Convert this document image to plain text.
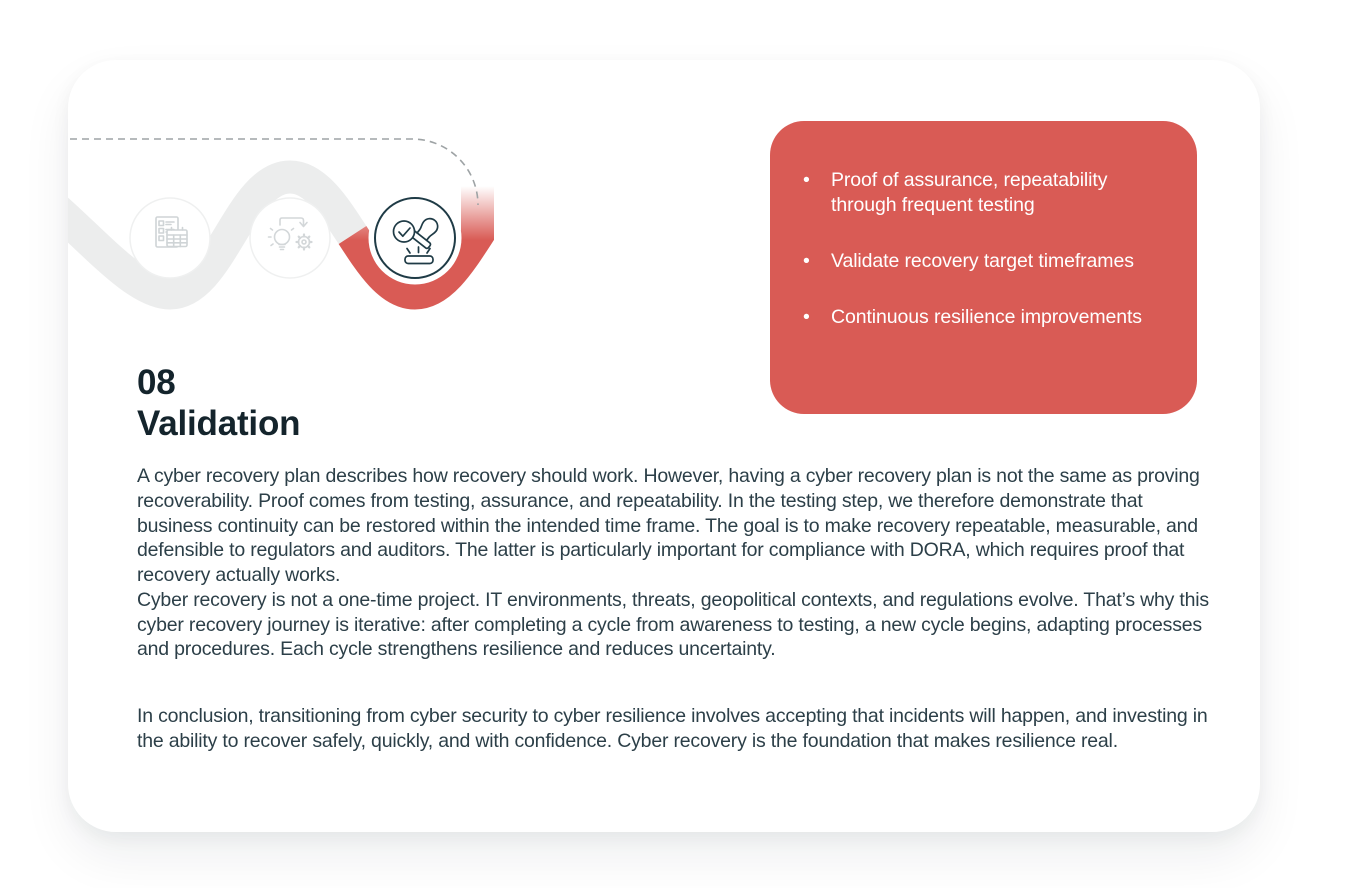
• Proof of assurance, repeatability through frequent testing
• Validate recovery target timeframes
• Continuous resilience improvements
08
Validation

A cyber recovery plan describes how recovery should work. However, having a cyber recovery plan is not the same as proving recoverability. Proof comes from testing, assurance, and repeatability. In the testing step, we therefore demonstrate that business continuity can be restored within the intended time frame. The goal is to make recovery repeatable, measurable, and defensible to regulators and auditors. The latter is particularly important for compliance with DORA, which requires proof that recovery actually works.

Cyber recovery is not a one-time project. IT environments, threats, geopolitical contexts, and regulations evolve. That’s why this cyber recovery journey is iterative: after completing a cycle from awareness to testing, a new cycle begins, adapting processes and procedures. Each cycle strengthens resilience and reduces uncertainty.

In conclusion, transitioning from cyber security to cyber resilience involves accepting that incidents will happen, and investing in the ability to recover safely, quickly, and with confidence. Cyber recovery is the foundation that makes resilience real.
